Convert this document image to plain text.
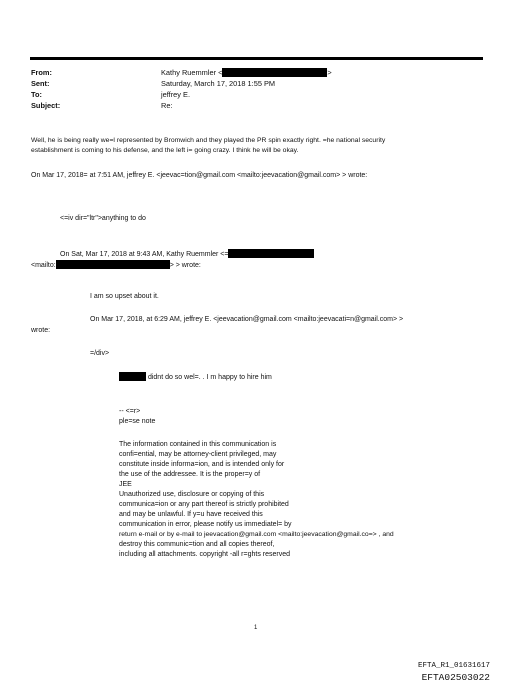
From:	Kathy Ruemmler <	>
Sent:	Saturday, March 17, 2018 1:55 PM
To:	jeffrey E.
Subject:	Re:
Well, he is being really we=l represented by Bromwich and they played the PR spin exactly right. =he national security
establishment is coming to his defense, and the left i= going crazy. I think he will be okay.
On Mar 17, 2018= at 7:51 AM, jeffrey E. <jeevac=tion@gmail.com <mailto:jeevacation@gmail.com> > wrote:
<=iv dir="ltr">anything to do
On Sat, Mar 17, 2018 at 9:43 AM, Kathy Ruemmler <=
<mailto:	> > wrote:
I am so upset about it.
On Mar 17, 2018, at 6:29 AM, jeffrey E. <jeevacation@gmail.com <mailto:jeevacati=n@gmail.com> >
wrote:
=/div>
didnt do so wel=. . I m happy to hire him
-- <=r>
ple=se note
The information contained in this communication is
confi=ential, may be attorney-client privileged, may
constitute inside informa=ion, and is intended only for
the use of the addressee. It is the proper=y of
JEE
Unauthorized use, disclosure or copying of this
communica=ion or any part thereof is strictly prohibited
and may be unlawful. If y=u have received this
communication in error, please notify us immediatel= by
return e-mail or by e-mail to jeevacation@gmail.com <mailto:jeevacation@gmail.co=> , and
destroy this communic=tion and all copies thereof,
including all attachments. copyright -all r=ghts reserved
1
EFTA_R1_01631617
EFTA02503022
